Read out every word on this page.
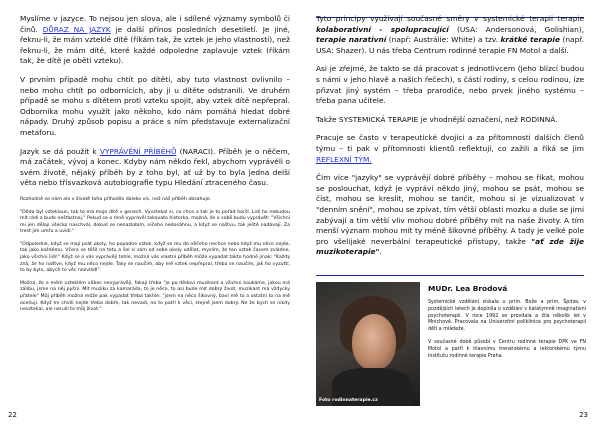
Myslíme v jazyce. To nejsou jen slova, ale i sdílené významy symbolů či činů. DŮRAZ NA JAZYK je další přínos posledních desetiletí. Je jiné, řeknu-li, že mám vzteklé dítě (říkám tak, že vztek je jeho vlastností), než řeknu-li, že mám dítě, které každé odpoledne zaplavuje vztek (říkám tak, že dítě je oběti vzteku).

V prvním případě mohu chtít po dítěti, aby tuto vlastnost ovlivnilo – nebo mohu chtít po odbornících, aby ji u dítěte odstranili. Ve druhém případě se mohu s dítětem proti vzteku spojit, aby vztek dítě nepřepral. Odborníka mohu využít jako někoho, kdo nám pomáhá hledat dobré nápady. Druhý způsob popisu a práce s ním představuje externalizační metaforu.

Jazyk se dá použít k VYPRÁVĚNÍ PŘÍBĚHŮ (NARACI). Příběh je o něčem, má začátek, vývoj a konec. Kdyby nám někdo řekl, abychom vyprávěli o svém životě, nějaký příběh by z toho byl, ať už by to byla jedna delší věta nebo třísvazková autobiografie typu Hledání ztraceného času.

Rozhodně se nám ale v životě toho přihodilo daleko víc, než náš příběh obsahuje.

"Děda byl vztekloun, tak to má moje dítě v genech. Vyvztekal si, co chce a tak je to pořád horší. Lidi ho nebudou mít rádi a bude nešťastnej." Pokud se o mně vyprávěl takovato historka, možná, že o sobě budu vyprávět: "Všichni mi jen dělají všecko naschvál, dokud se nenazlobím, ničeho nedosáhnu, a když se naštvu, tak ještě nadávají. Za trest jim umřu a uvidí."

"Odpoledne, když se mají psát úkoly, ho popadne vztek, když se mu do něčeho nechce nebo když mu něco nejde, tak jako každému. Včera se těšil na tetu a šel si sám od sebe úkoly udělat, myslím, že ten vztek časem zvládne, jako všichni lidi!" Když se o vás vyprávějí tohle, možná vás vlastní příběh může vypadat takto hodné jinak: "Každý zná, že ho naštve, když mu něco nejde. Taky se naučím, aby mě vztek nepřepral, třeba se naučím, jak ho vyzuttí, to by bylo, abych to věc nezvládl".

Možná, že o mém vzteklém vůbec nevyprávěji, fakají třeba "je po dědovi muzikant a všichni koukáme, jakou má zálibu, jsme na něj pyšní. Mít muziku za kamaráda, to je něco, to asi bude mít dobrý život, muzikant má vždycky přátele" Můj příběh možná může pak vypadat třeba takhle: "jsem na něco šikovný, baví mě to a ostatní to na mě oceňují. Když mi chvíli nejde třeba dobře, tak nevadí, no to patří k věci, stejně jsem dobrý. Ne že bych se nikdy nevztekal, ale neruší to můj život."

22

Tyto principy využívají současné směry v systemické terapii terapie kolaborativní - spolupracující (USA: Andersonová, Golishian), terapie narativní (např: Austrálie: White) a tzv. krátké terapie (např. USA: Shazer). U nás třeba Centrum rodinné terapie FN Motol a další.

Asi je zřejmé, že takto se dá pracovat s jednotlivcem (jeho blízcí budou s námi v jeho hlavě a našich řečech), s částí rodiny, s celou rodinou, íze přizvat jiný systém – třeba prarodiče, nebo prvek jiného systému – třeba pana učitele.

Takže SYSTEMICKÁ TERAPIE je vhodnější označení, než RODINNÁ.

Pracuje se často v terapeutické dvojici a za přítomnosti dalších členů týmu – ti pak v přítomnosti klientů reflektují, co zažili a říká se jim REFLEXNÍ TÝM.

Čím více "jazyky" se vyprávějí dobré příběhy – mohou se říkat, mohou se poslouchat, když je vypráví někdo jiný, mohou se psát, mohou se číst, mohou se kreslit, mohou se tančit, mohou si je vizualizovat v "denním snění", mohou se zpívat, tím větší oblasti mozku a duše se jimi zabývají a tím větší vliv mohou dobré příběhy mít na naše životy. A tím menší význam mohou mít ty méně šikovné příběhy. A tady je velké pole pro všelijaké neverbální terapeutické přístupy, takže "ať zde žije muzikoterapie".

Foto rodinnaterapie.cz

MUDr. Lea Brodová

Systemické vzdělání získala u prim. Bože a prim. Špitze, v pozdějších letech je doplnila o vzdělání v katatymně imaginativní psychoterapii. V roce 1992 se provdala a žila několik let v Mnichově. Pracovala na Univerzitní poliklinice pro psychoterapii dětí a mládeže.

V současné době působí v Centru rodinné terapie DPK ve FN Motol a patří k hlavnímu trenérskému a lektorskému týmu Institutu rodinné terapie Praha.

23
